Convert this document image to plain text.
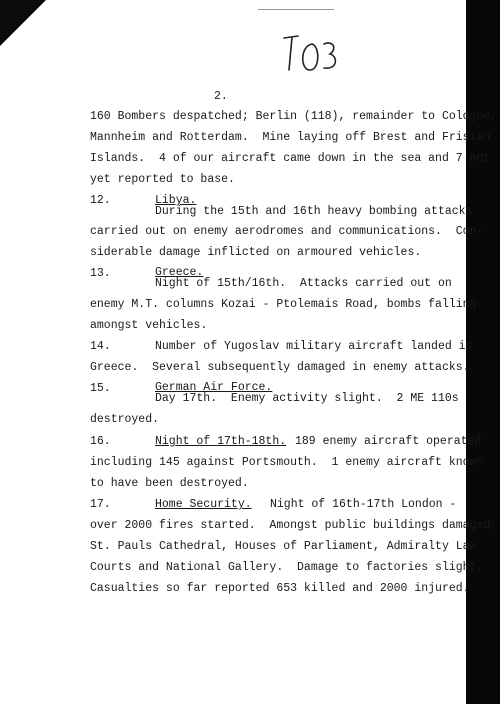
2.
160 Bombers despatched; Berlin (118), remainder to Cologne,
Mannheim and Rotterdam.  Mine laying off Brest and Frisian
Islands.  4 of our aircraft came down in the sea and 7 not
yet reported to base.
12.	Libya.
During the 15th and 16th heavy bombing attacks
carried out on enemy aerodromes and communications.  Con-
siderable damage inflicted on armoured vehicles.
13.	Greece.
Night of 15th/16th.  Attacks carried out on
enemy M.T. columns Kozai - Ptolemais Road, bombs falling
amongst vehicles.
14.	Number of Yugoslav military aircraft landed in
Greece.  Several subsequently damaged in enemy attacks.
15.	German Air Force.
Day 17th.  Enemy activity slight.  2 ME 110s
destroyed.
16.	Night of 17th-18th. 189 enemy aircraft operated
including 145 against Portsmouth.  1 enemy aircraft known
to have been destroyed.
17.	Home Security. Night of 16th-17th London -
over 2000 fires started.  Amongst public buildings damaged,
St. Pauls Cathedral, Houses of Parliament, Admiralty Law
Courts and National Gallery.  Damage to factories slight.
Casualties so far reported 653 killed and 2000 injured.
